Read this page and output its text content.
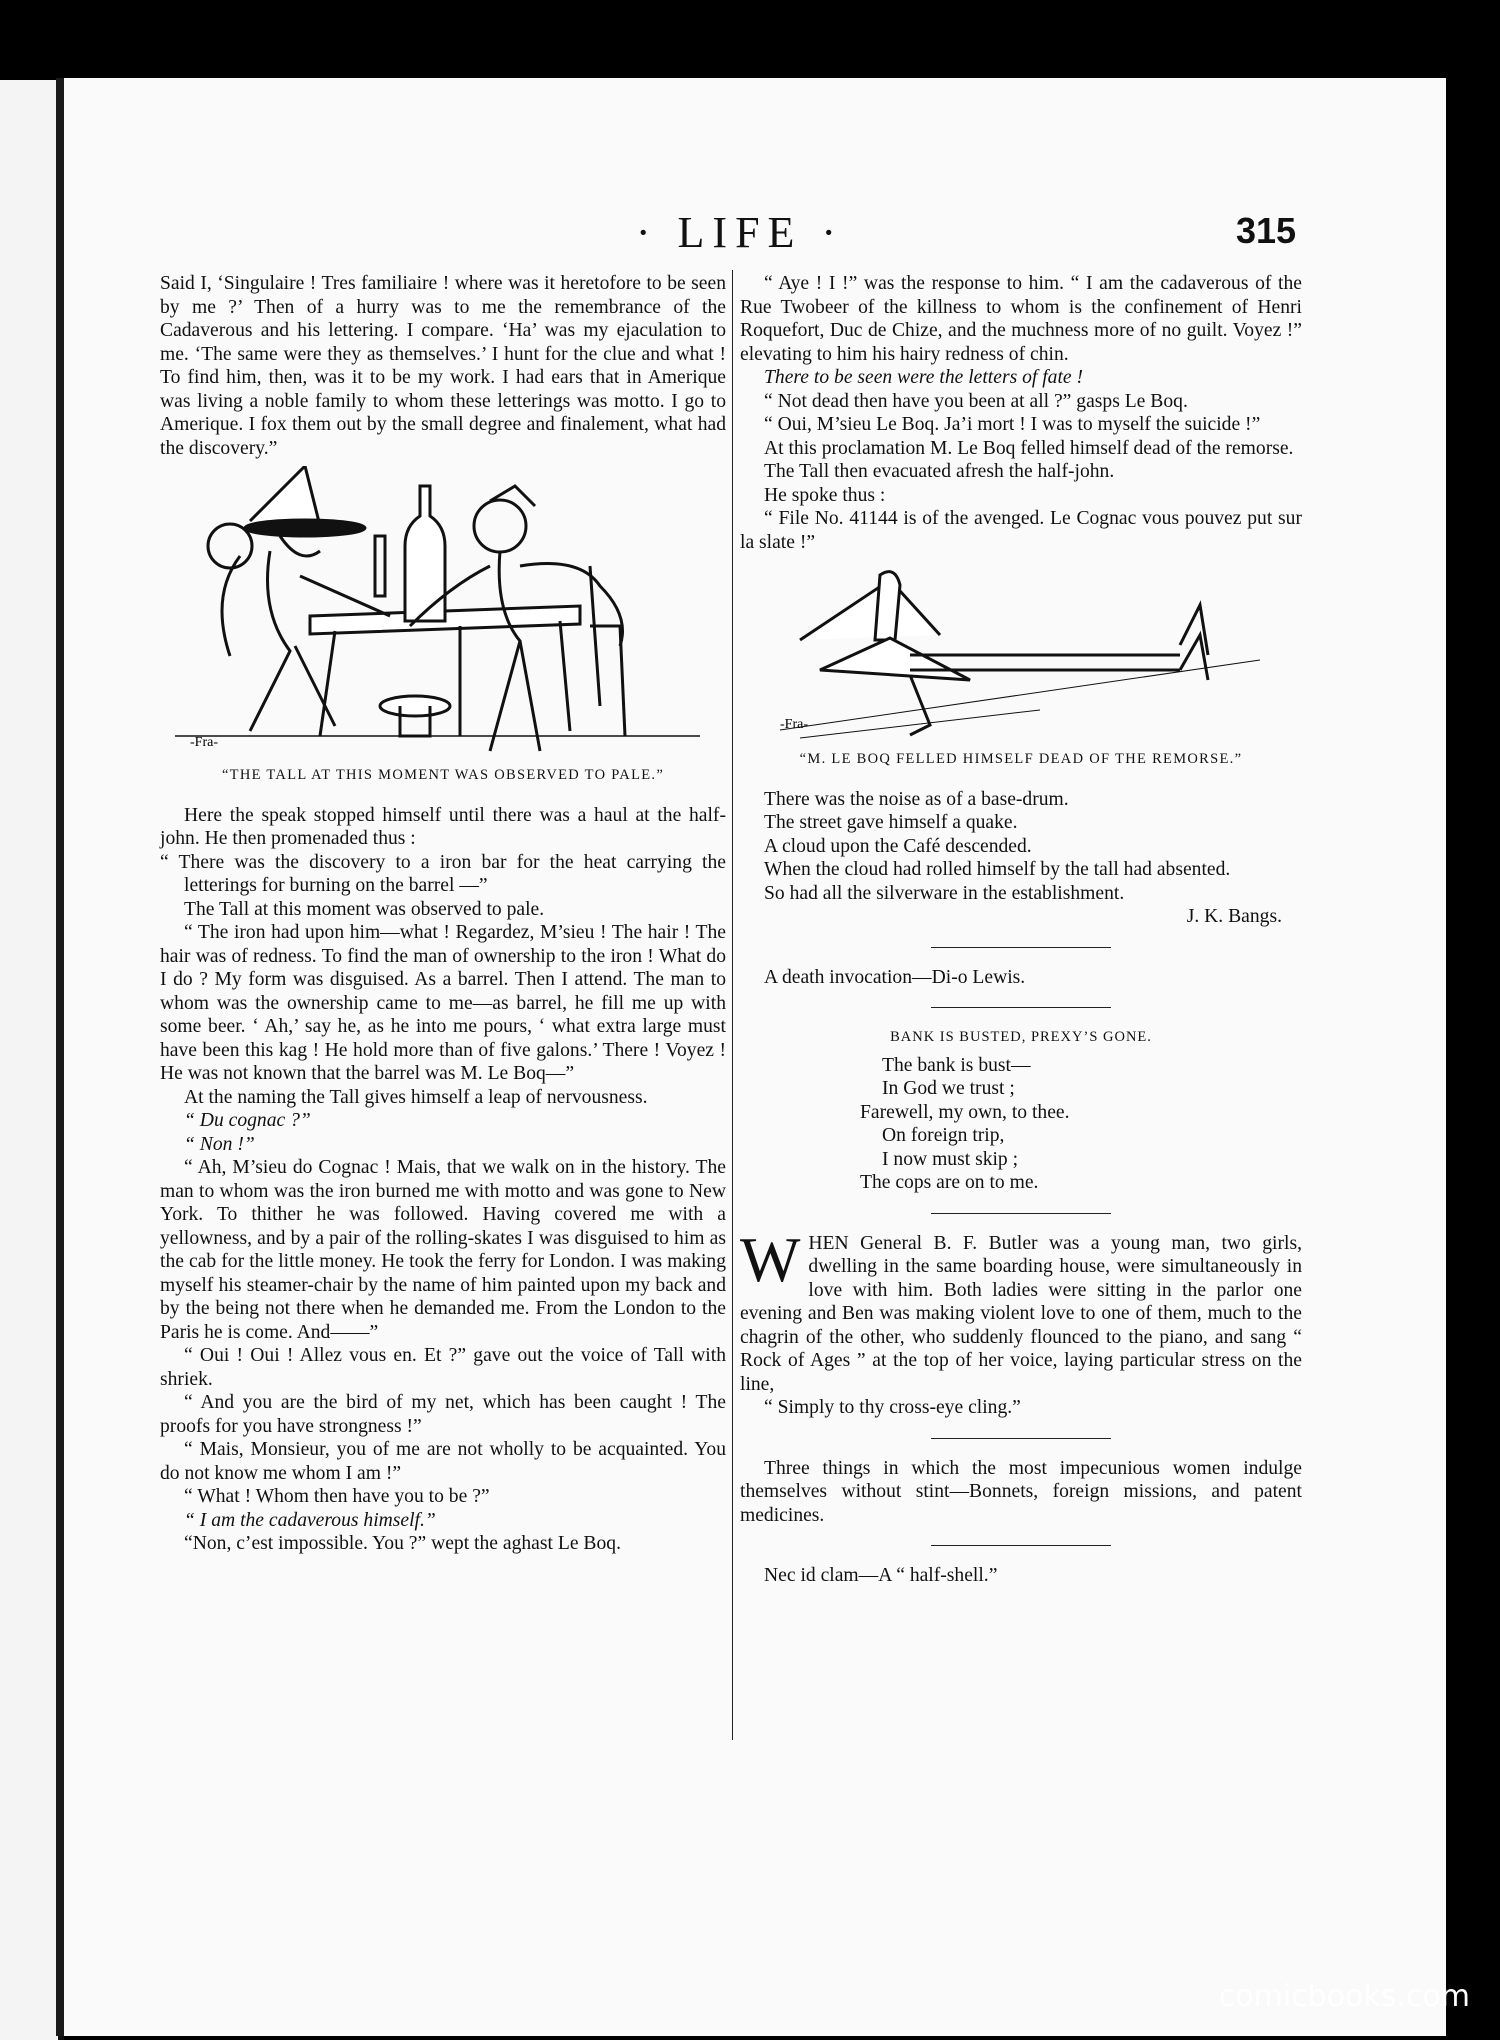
· LIFE ·	315

Said I, ‘Singulaire ! Tres familiaire ! where was it heretofore to be seen by me ?’ Then of a hurry was to me the remembrance of the Cadaverous and his lettering. I compare. ‘Ha’ was my ejaculation to me. ‘The same were they as themselves.’ I hunt for the clue and what ! To find him, then, was it to be my work. I had ears that in Amerique was living a noble family to whom these letterings was motto. I go to Amerique. I fox them out by the small degree and finalement, what had the discovery.”

-Fra-

“THE TALL AT THIS MOMENT WAS OBSERVED TO PALE.”

Here the speak stopped himself until there was a haul at the half-john. He then promenaded thus :

“ There was the discovery to a iron bar for the heat carrying the letterings for burning on the barrel —”

The Tall at this moment was observed to pale.

“ The iron had upon him—what ! Regardez, M’sieu ! The hair ! The hair was of redness. To find the man of ownership to the iron ! What do I do ? My form was disguised. As a barrel. Then I attend. The man to whom was the ownership came to me—as barrel, he fill me up with some beer. ‘ Ah,’ say he, as he into me pours, ‘ what extra large must have been this kag ! He hold more than of five galons.’ There ! Voyez ! He was not known that the barrel was M. Le Boq—”

At the naming the Tall gives himself a leap of nervousness.

“ Du cognac ?”

“ Non !”

“ Ah, M’sieu do Cognac ! Mais, that we walk on in the history. The man to whom was the iron burned me with motto and was gone to New York. To thither he was followed. Having covered me with a yellowness, and by a pair of the rolling-skates I was disguised to him as the cab for the little money. He took the ferry for London. I was making myself his steamer-chair by the name of him painted upon my back and by the being not there when he demanded me. From the London to the Paris he is come. And——”

“ Oui ! Oui ! Allez vous en. Et ?” gave out the voice of Tall with shriek.

“ And you are the bird of my net, which has been caught ! The proofs for you have strongness !”

“ Mais, Monsieur, you of me are not wholly to be acquainted. You do not know me whom I am !”

“ What ! Whom then have you to be ?”

“ I am the cadaverous himself.”

“Non, c’est impossible. You ?” wept the aghast Le Boq.

“ Aye ! I !” was the response to him. “ I am the cadaverous of the Rue Twobeer of the killness to whom is the confinement of Henri Roquefort, Duc de Chize, and the muchness more of no guilt. Voyez !” elevating to him his hairy redness of chin.

There to be seen were the letters of fate !

“ Not dead then have you been at all ?” gasps Le Boq.

“ Oui, M’sieu Le Boq. Ja’i mort ! I was to myself the suicide !”

At this proclamation M. Le Boq felled himself dead of the remorse.

The Tall then evacuated afresh the half-john.

He spoke thus :

“ File No. 41144 is of the avenged. Le Cognac vous pouvez put sur la slate !”

-Fra-

“M. LE BOQ FELLED HIMSELF DEAD OF THE REMORSE.”

There was the noise as of a base-drum.

The street gave himself a quake.

A cloud upon the Café descended.

When the cloud had rolled himself by the tall had absented.

So had all the silverware in the establishment.

J. K. Bangs.

A death invocation—Di-o Lewis.

BANK IS BUSTED, PREXY’S GONE.

The bank is bust—

In God we trust ;

Farewell, my own, to thee.

On foreign trip,

I now must skip ;

The cops are on to me.

WHEN General B. F. Butler was a young man, two girls, dwelling in the same boarding house, were simultaneously in love with him. Both ladies were sitting in the parlor one evening and Ben was making violent love to one of them, much to the chagrin of the other, who suddenly flounced to the piano, and sang “ Rock of Ages ” at the top of her voice, laying particular stress on the line,

“ Simply to thy cross-eye cling.”

Three things in which the most impecunious women indulge themselves without stint—Bonnets, foreign missions, and patent medicines.

Nec id clam—A “ half-shell.”

comicbooks.com
